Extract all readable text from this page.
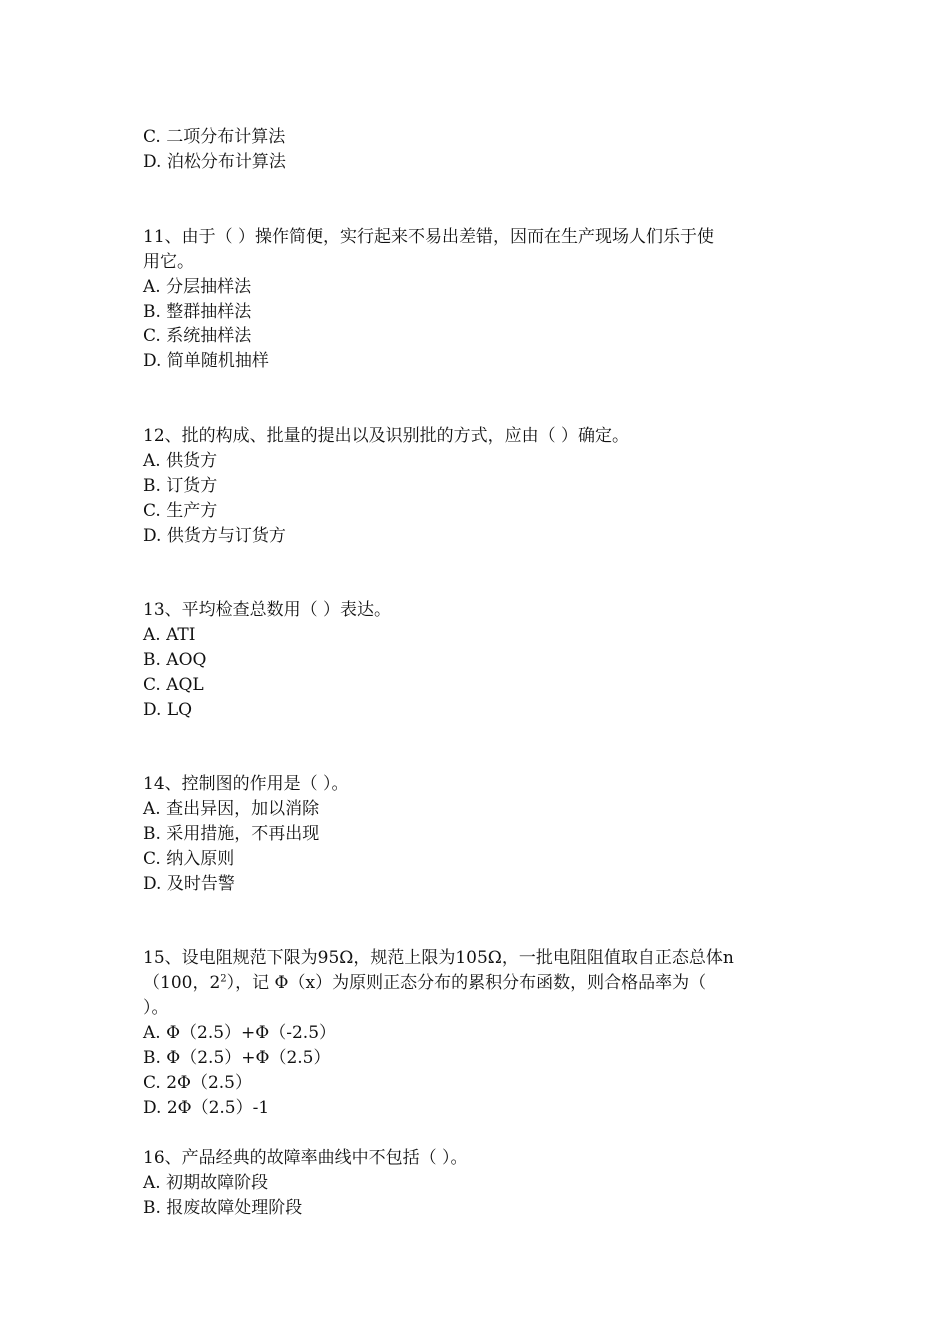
C. 二项分布计算法
D. 泊松分布计算法
11、由于（ ）操作简便，实行起来不易出差错，因而在生产现场人们乐于使
用它。
A. 分层抽样法
B. 整群抽样法
C. 系统抽样法
D. 简单随机抽样
12、批的构成、批量的提出以及识别批的方式，应由（ ）确定。
A. 供货方
B. 订货方
C. 生产方
D. 供货方与订货方
13、平均检查总数用（ ）表达。
A. ATI
B. AOQ
C. AQL
D. LQ
14、控制图的作用是（ ）。
A. 查出异因，加以消除
B. 采用措施，不再出现
C. 纳入原则
D. 及时告警
15、设电阻规范下限为95Ω，规范上限为105Ω，一批电阻阻值取自正态总体n
（100，$2^2$），记 Φ（x）为原则正态分布的累积分布函数，则合格品率为（
）。
A. Φ（2.5）+Φ（-2.5）
B. Φ（2.5）+Φ（2.5）
C. 2Φ（2.5）
D. 2Φ（2.5）-1
16、产品经典的故障率曲线中不包括（ ）。
A. 初期故障阶段
B. 报废故障处理阶段
